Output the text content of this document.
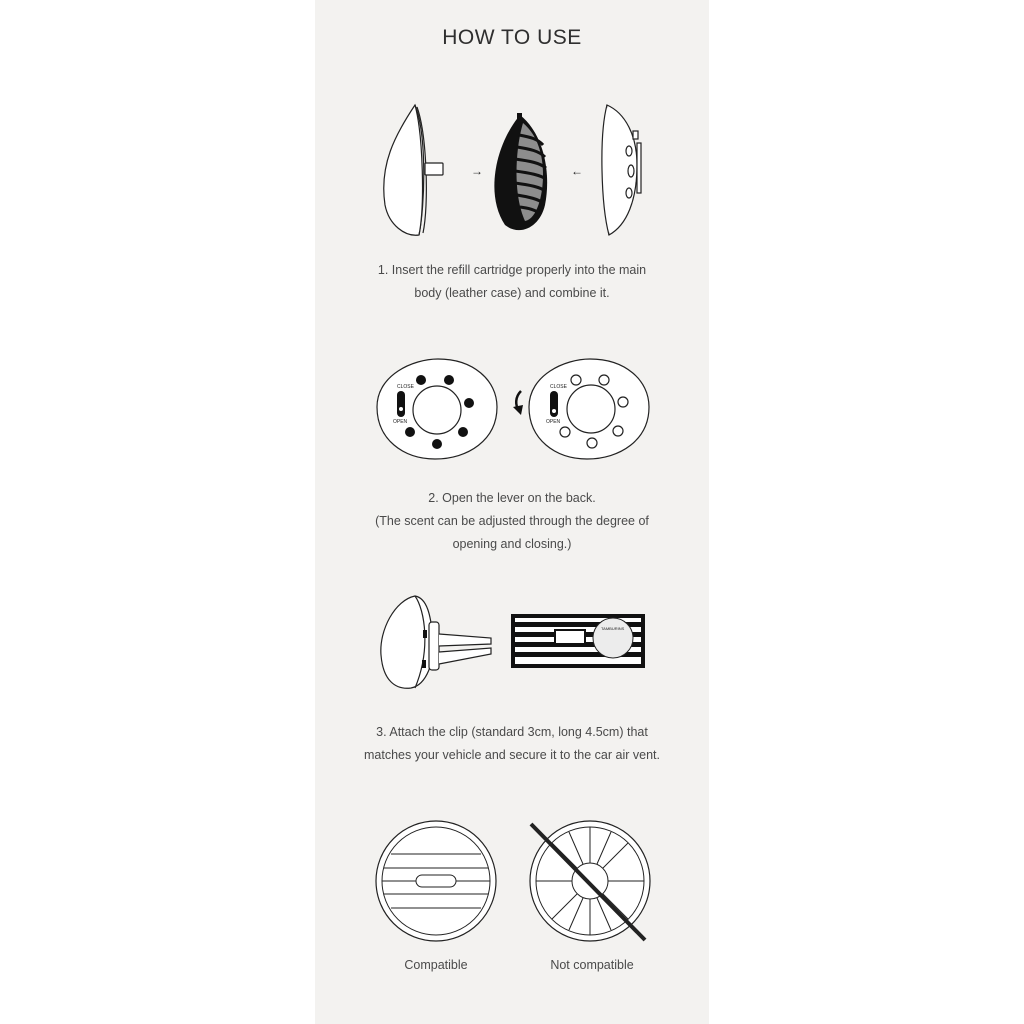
HOW TO USE
→	←
1. Insert the refill cartridge properly into the main
body (leather case) and combine it.
CLOSE
OPEN
CLOSE
OPEN
2. Open the lever on the back.
(The scent can be adjusted through the degree of
opening and closing.)
TAMBURINS
3. Attach the clip (standard 3cm, long 4.5cm) that
matches your vehicle and secure it to the car air vent.
Compatible	Not compatible
